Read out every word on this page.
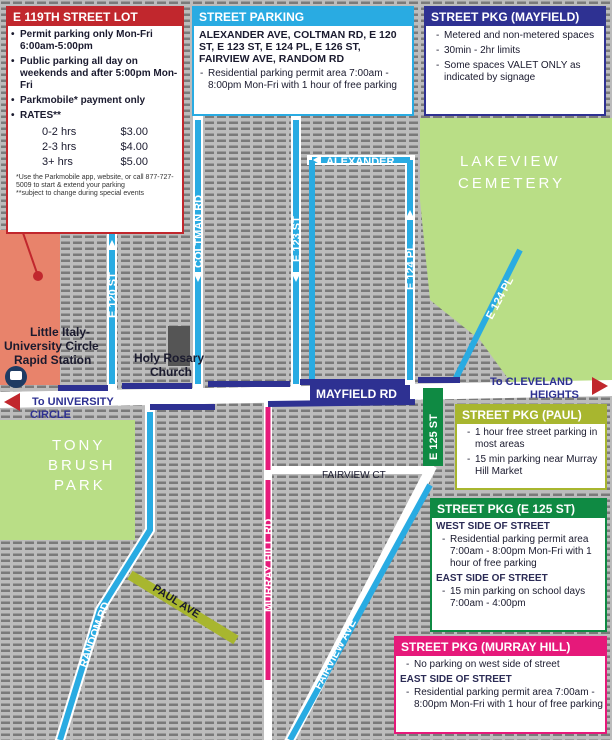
E 120 ST
COLTMAN RD	E 123 ST
ALEXANDER
E 124 PL
E 124 PL
MAYFIELD RD
E 125 ST
MURRAY HILL RD
RANDOM RD	PAUL AVE
FAIRVIEW AVE
FAIRVIEW CT
LAKEVIEW
CEMETERY
TONY
BRUSH
PARK
Little Italy-
University Circle
Rapid Station	Holy Rosary
Church
To UNIVERSITY
CIRCLE
To CLEVELAND
HEIGHTS
E 119TH STREET LOT
• Permit parking only Mon-Fri 6:00am-5:00pm
• Public parking all day on weekends and after 5:00pm Mon-Fri
• Parkmobile* payment only
• RATES**
0-2 hrs	$3.00
2-3 hrs	$4.00
3+ hrs	$5.00
*Use the Parkmobile app, website, or call 877-727-5009 to start & extend your parking
**subject to change during special events
STREET PARKING
ALEXANDER AVE, COLTMAN RD, E 120 ST, E 123 ST, E 124 PL, E 126 ST, FAIRVIEW AVE, RANDOM RD
- Residential parking permit area 7:00am - 8:00pm Mon-Fri with 1 hour of free parking
STREET PKG (MAYFIELD)
- Metered and non-metered spaces
- 30min - 2hr limits
- Some spaces VALET ONLY as indicated by signage
STREET PKG (PAUL)
- 1 hour free street parking in most areas
- 15 min parking near Murray Hill Market
STREET PKG (E 125 ST)
WEST SIDE OF STREET
- Residential parking permit area 7:00am - 8:00pm Mon-Fri with 1 hour of free parking
EAST SIDE OF STREET
- 15 min parking on school days 7:00am - 4:00pm
STREET PKG (MURRAY HILL)
- No parking on west side of street
EAST SIDE OF STREET
- Residential parking permit area 7:00am - 8:00pm Mon-Fri with 1 hour of free parking
